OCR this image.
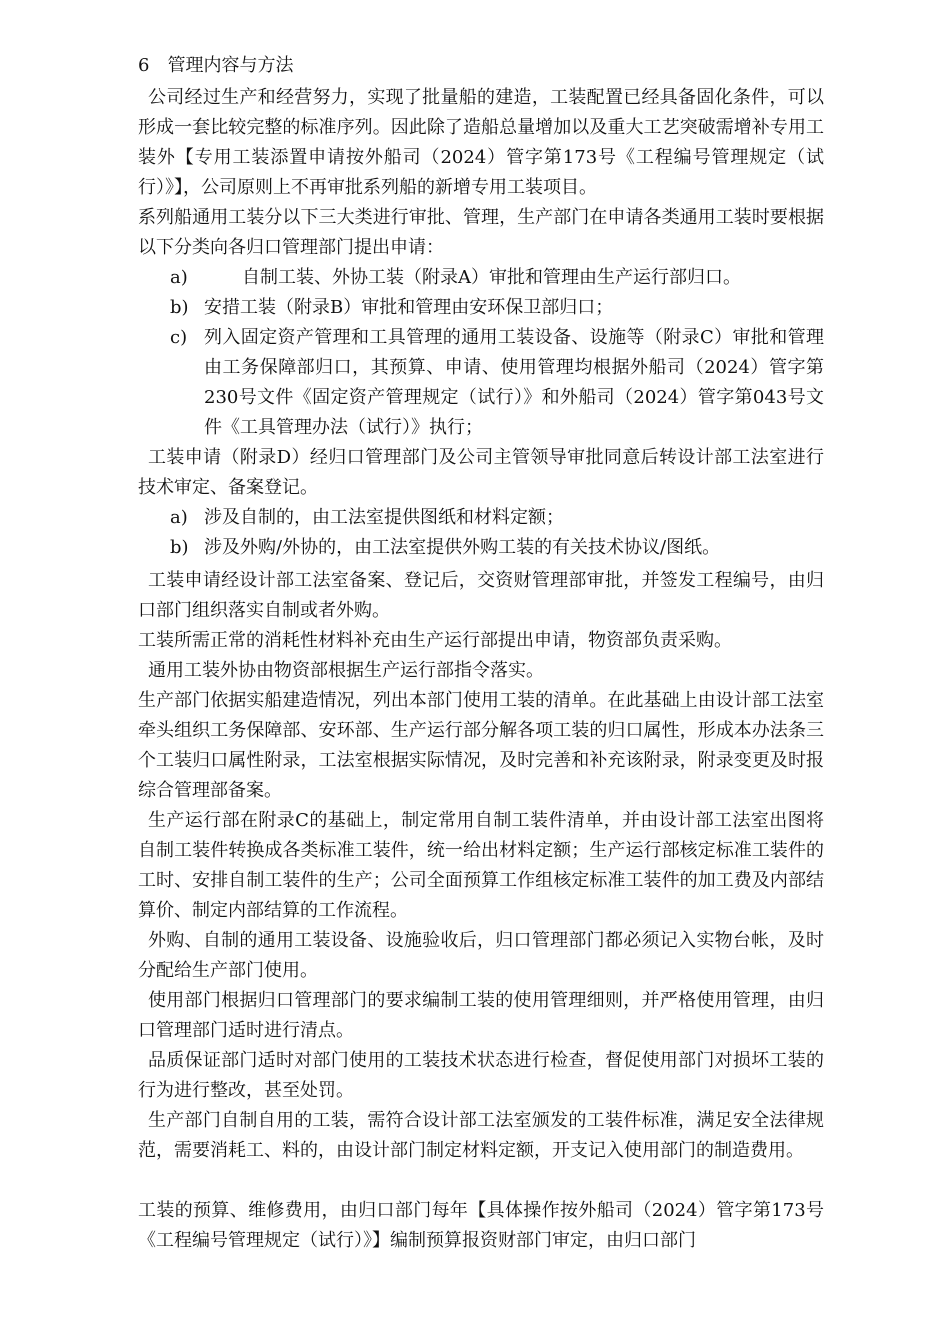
6　管理内容与方法
公司经过生产和经营努力，实现了批量船的建造，工装配置已经具备固化条件，可以形成一套比较完整的标准序列。因此除了造船总量增加以及重大工艺突破需增补专用工装外【专用工装添置申请按外船司（2024）管字第173号《工程编号管理规定（试行）》】，公司原则上不再审批系列船的新增专用工装项目。
系列船通用工装分以下三大类进行审批、管理，生产部门在申请各类通用工装时要根据以下分类向各归口管理部门提出申请：
a)	自制工装、外协工装（附录A）审批和管理由生产运行部归口。
b) 安措工装（附录B）审批和管理由安环保卫部归口；
c) 列入固定资产管理和工具管理的通用工装设备、设施等（附录C）审批和管理由工务保障部归口，其预算、申请、使用管理均根据外船司（2024）管字第230号文件《固定资产管理规定（试行）》和外船司（2024）管字第043号文件《工具管理办法（试行）》执行；
工装申请（附录D）经归口管理部门及公司主管领导审批同意后转设计部工法室进行技术审定、备案登记。
a) 涉及自制的，由工法室提供图纸和材料定额；
b) 涉及外购/外协的，由工法室提供外购工装的有关技术协议/图纸。
工装申请经设计部工法室备案、登记后，交资财管理部审批，并签发工程编号，由归口部门组织落实自制或者外购。
工装所需正常的消耗性材料补充由生产运行部提出申请，物资部负责采购。
通用工装外协由物资部根据生产运行部指令落实。
生产部门依据实船建造情况，列出本部门使用工装的清单。在此基础上由设计部工法室牵头组织工务保障部、安环部、生产运行部分解各项工装的归口属性，形成本办法条三个工装归口属性附录，工法室根据实际情况，及时完善和补充该附录，附录变更及时报综合管理部备案。
生产运行部在附录C的基础上，制定常用自制工装件清单，并由设计部工法室出图将自制工装件转换成各类标准工装件，统一给出材料定额；生产运行部核定标准工装件的工时、安排自制工装件的生产；公司全面预算工作组核定标准工装件的加工费及内部结算价、制定内部结算的工作流程。
外购、自制的通用工装设备、设施验收后，归口管理部门都必须记入实物台帐，及时分配给生产部门使用。
使用部门根据归口管理部门的要求编制工装的使用管理细则，并严格使用管理，由归口管理部门适时进行清点。
品质保证部门适时对部门使用的工装技术状态进行检查，督促使用部门对损坏工装的行为进行整改，甚至处罚。
生产部门自制自用的工装，需符合设计部工法室颁发的工装件标准，满足安全法律规范，需要消耗工、料的，由设计部门制定材料定额，开支记入使用部门的制造费用。
工装的预算、维修费用，由归口部门每年【具体操作按外船司（2024）管字第173号《工程编号管理规定（试行）》】编制预算报资财部门审定，由归口部门
